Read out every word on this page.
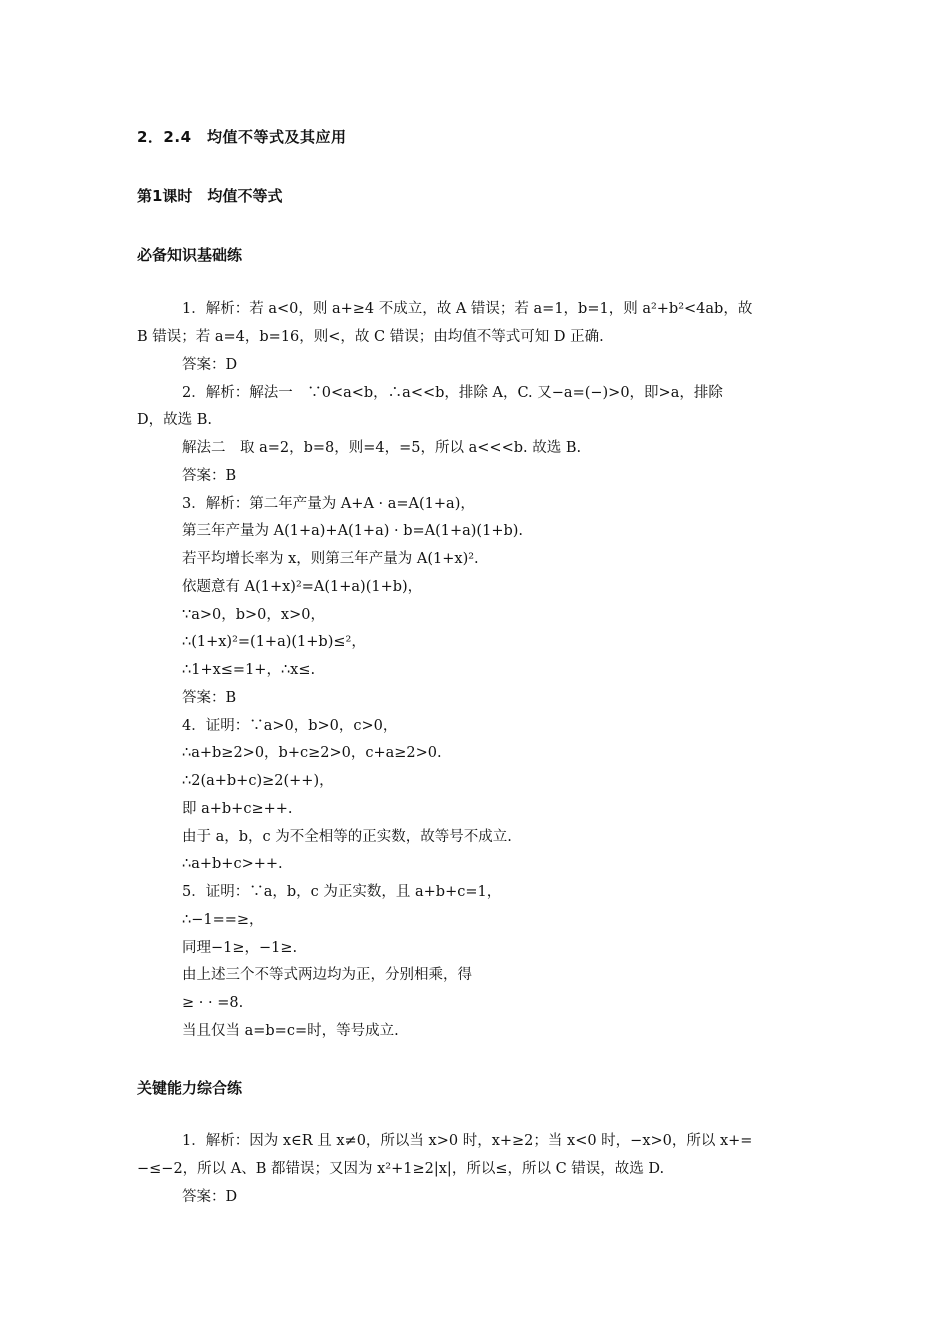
2．2.4　均值不等式及其应用
第1课时　均值不等式
必备知识基础练
1．解析：若 a<0，则 a+≥4 不成立，故 A 错误；若 a=1，b=1，则 a²+b²<4ab，故
B 错误；若 a=4，b=16，则<，故 C 错误；由均值不等式可知 D 正确.
答案：D
2．解析：解法一　∵0<a<b，∴a<<b，排除 A，C. 又−a=(−)>0，即>a，排除
D，故选 B.
解法二　取 a=2，b=8，则=4，=5，所以 a<<<b. 故选 B.
答案：B
3．解析：第二年产量为 A+A · a=A(1+a)，
第三年产量为 A(1+a)+A(1+a) · b=A(1+a)(1+b).
若平均增长率为 x，则第三年产量为 A(1+x)².
依题意有 A(1+x)²=A(1+a)(1+b)，
∵a>0，b>0，x>0，
∴(1+x)²=(1+a)(1+b)≤²，
∴1+x≤=1+，∴x≤.
答案：B
4．证明：∵a>0，b>0，c>0，
∴a+b≥2>0，b+c≥2>0，c+a≥2>0.
∴2(a+b+c)≥2(++)，
即 a+b+c≥++.
由于 a，b，c 为不全相等的正实数，故等号不成立.
∴a+b+c>++.
5．证明：∵a，b，c 为正实数，且 a+b+c=1，
∴−1==≥，
同理−1≥，−1≥.
由上述三个不等式两边均为正，分别相乘，得
≥ · · =8.
当且仅当 a=b=c=时，等号成立.
关键能力综合练
1．解析：因为 x∈R 且 x≠0，所以当 x>0 时，x+≥2；当 x<0 时，−x>0，所以 x+=
−≤−2，所以 A、B 都错误；又因为 x²+1≥2|x|，所以≤，所以 C 错误，故选 D.
答案：D
